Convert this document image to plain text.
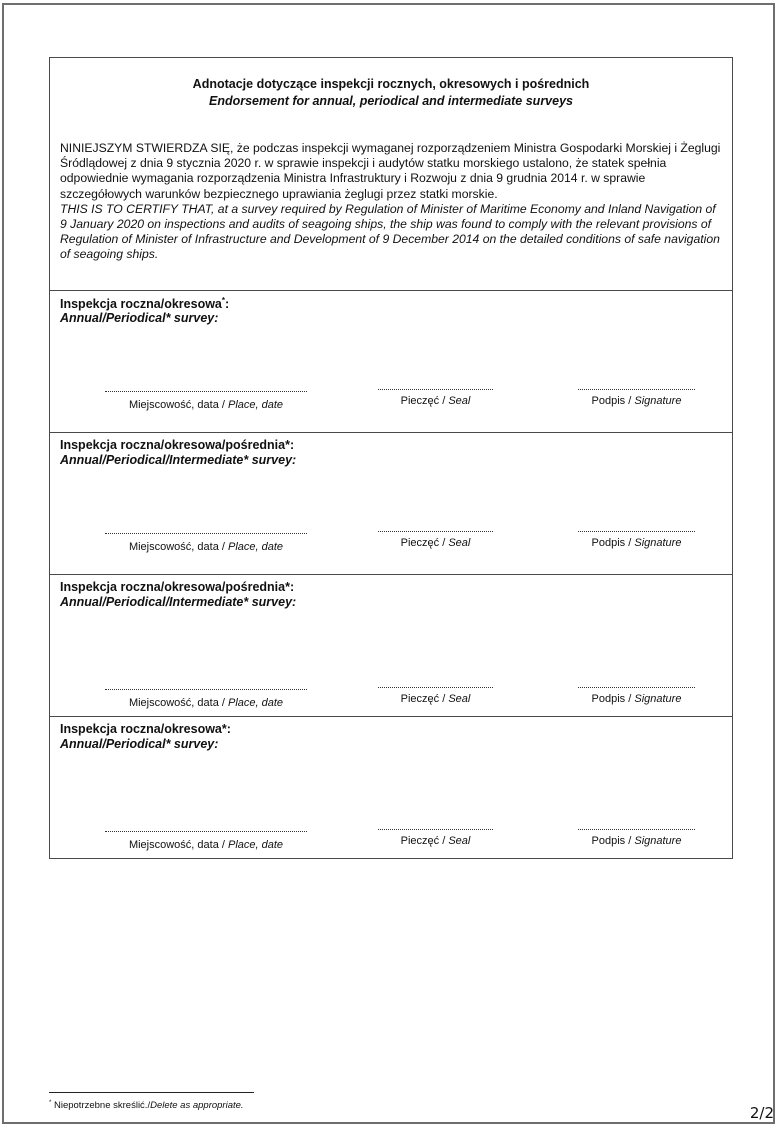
Adnotacje dotyczące inspekcji rocznych, okresowych i pośrednich
Endorsement for annual, periodical and intermediate surveys

NINIEJSZYM STWIERDZA SIĘ, że podczas inspekcji wymaganej rozporządzeniem Ministra Gospodarki Morskiej i Żeglugi Śródlądowej z dnia 9 stycznia 2020 r. w sprawie inspekcji i audytów statku morskiego ustalono, że statek spełnia odpowiednie wymagania rozporządzenia Ministra Infrastruktury i Rozwoju z dnia 9 grudnia 2014 r. w sprawie szczegółowych warunków bezpiecznego uprawiania żeglugi przez statki morskie.

THIS IS TO CERTIFY THAT, at a survey required by Regulation of Minister of Maritime Economy and Inland Navigation of 9 January 2020 on inspections and audits of seagoing ships, the ship was found to comply with the relevant provisions of Regulation of Minister of Infrastructure and Development of 9 December 2014 on the detailed conditions of safe navigation of seagoing ships.

Inspekcja roczna/okresowa*:
Annual/Periodical* survey:
Miejscowość, data / Place, date	Pieczęć / Seal	Podpis / Signature
Inspekcja roczna/okresowa/pośrednia*:
Annual/Periodical/Intermediate* survey:
Miejscowość, data / Place, date	Pieczęć / Seal	Podpis / Signature
Inspekcja roczna/okresowa/pośrednia*:
Annual/Periodical/Intermediate* survey:
Miejscowość, data / Place, date	Pieczęć / Seal	Podpis / Signature
Inspekcja roczna/okresowa*:
Annual/Periodical* survey:
Miejscowość, data / Place, date	Pieczęć / Seal	Podpis / Signature
* Niepotrzebne skreślić./Delete as appropriate.	2/2
